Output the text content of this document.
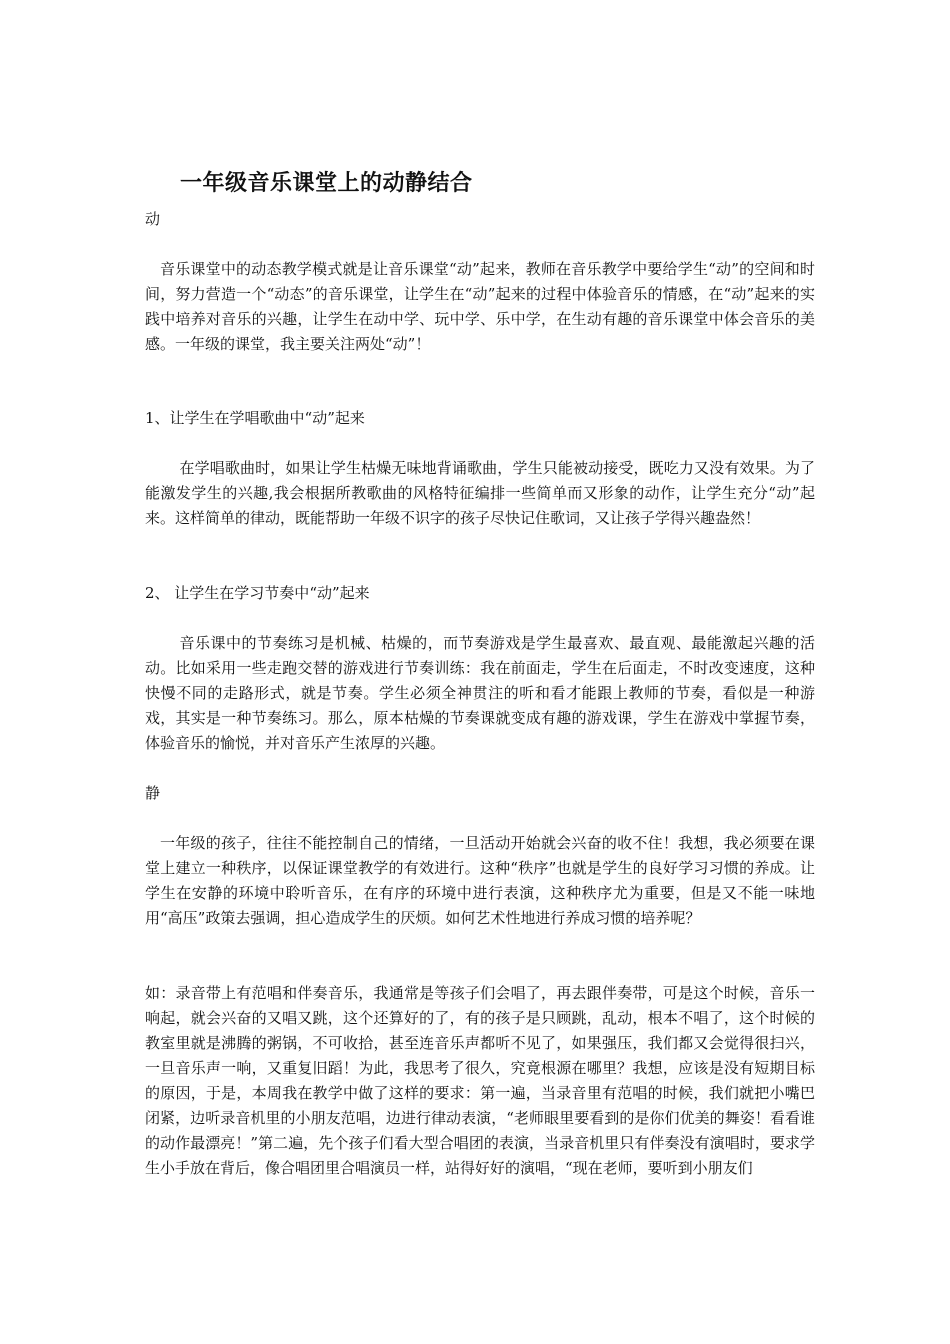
一年级音乐课堂上的动静结合

动

音乐课堂中的动态教学模式就是让音乐课堂“动”起来，教师在音乐教学中要给学生“动”的空间和时间，努力营造一个“动态”的音乐课堂，让学生在“动”起来的过程中体验音乐的情感，在“动”起来的实践中培养对音乐的兴趣，让学生在动中学、玩中学、乐中学，在生动有趣的音乐课堂中体会音乐的美感。一年级的课堂，我主要关注两处“动”！

1、让学生在学唱歌曲中“动”起来

在学唱歌曲时，如果让学生枯燥无味地背诵歌曲，学生只能被动接受，既吃力又没有效果。为了能激发学生的兴趣,我会根据所教歌曲的风格特征编排一些简单而又形象的动作，让学生充分“动”起来。这样简单的律动，既能帮助一年级不识字的孩子尽快记住歌词，又让孩子学得兴趣盎然！

2、 让学生在学习节奏中“动”起来

音乐课中的节奏练习是机械、枯燥的，而节奏游戏是学生最喜欢、最直观、最能激起兴趣的活动。比如采用一些走跑交替的游戏进行节奏训练：我在前面走，学生在后面走，不时改变速度，这种快慢不同的走路形式，就是节奏。学生必须全神贯注的听和看才能跟上教师的节奏，看似是一种游戏，其实是一种节奏练习。那么，原本枯燥的节奏课就变成有趣的游戏课，学生在游戏中掌握节奏，体验音乐的愉悦，并对音乐产生浓厚的兴趣。

静

一年级的孩子，往往不能控制自己的情绪，一旦活动开始就会兴奋的收不住！我想，我必须要在课堂上建立一种秩序，以保证课堂教学的有效进行。这种“秩序”也就是学生的良好学习习惯的养成。让学生在安静的环境中聆听音乐，在有序的环境中进行表演，这种秩序尤为重要，但是又不能一味地用“高压”政策去强调，担心造成学生的厌烦。如何艺术性地进行养成习惯的培养呢？

如：录音带上有范唱和伴奏音乐，我通常是等孩子们会唱了，再去跟伴奏带，可是这个时候，音乐一响起，就会兴奋的又唱又跳，这个还算好的了，有的孩子是只顾跳，乱动，根本不唱了，这个时候的教室里就是沸腾的粥锅，不可收拾，甚至连音乐声都听不见了，如果强压，我们都又会觉得很扫兴，一旦音乐声一响，又重复旧蹈！为此，我思考了很久，究竟根源在哪里？我想，应该是没有短期目标的原因，于是，本周我在教学中做了这样的要求：第一遍，当录音里有范唱的时候，我们就把小嘴巴闭紧，边听录音机里的小朋友范唱，边进行律动表演，“老师眼里要看到的是你们优美的舞姿！看看谁的动作最漂亮！”第二遍，先个孩子们看大型合唱团的表演，当录音机里只有伴奏没有演唱时，要求学生小手放在背后，像合唱团里合唱演员一样，站得好好的演唱，“现在老师，要听到小朋友们
